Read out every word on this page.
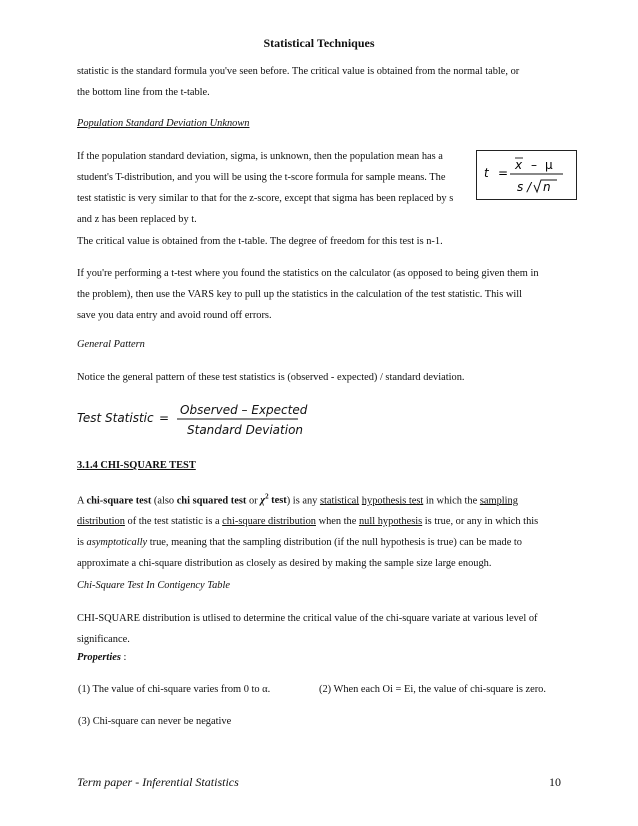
Statistical Techniques

statistic is the standard formula you've seen before. The critical value is obtained from the normal table, or
the bottom line from the t-table.

Population Standard Deviation Unknown

If the population standard deviation, sigma, is unknown, then the population mean has a
student's T-distribution, and you will be using the t-score formula for sample means. The
test statistic is very similar to that for the z-score, except that sigma has been replaced by s
and z has been replaced by t.

t =
x – μ
s / n

The critical value is obtained from the t-table. The degree of freedom for this test is n-1.

If you're performing a t-test where you found the statistics on the calculator (as opposed to being given them in
the problem), then use the VARS key to pull up the statistics in the calculation of the test statistic. This will
save you data entry and avoid round off errors.

General Pattern

Notice the general pattern of these test statistics is (observed - expected) / standard deviation.

Test Statistic =
Observed – Expected
Standard Deviation

3.1.4 CHI-SQUARE TEST

A chi-square test (also chi squared test or $\chi^2$ test) is any statistical hypothesis test in which the sampling
distribution of the test statistic is a chi-square distribution when the null hypothesis is true, or any in which this
is asymptotically true, meaning that the sampling distribution (if the null hypothesis is true) can be made to
approximate a chi-square distribution as closely as desired by making the sample size large enough.

Chi-Square Test In Contigency Table

CHI-SQUARE distribution is utlised to determine the critical value of the chi-square variate at various level of
significance.

Properties :

(1) The value of chi-square varies from 0 to α.	(2) When each Oi = Ei, the value of chi-square is zero.

(3) Chi-square can never be negative

Term paper - Inferential Statistics	10
